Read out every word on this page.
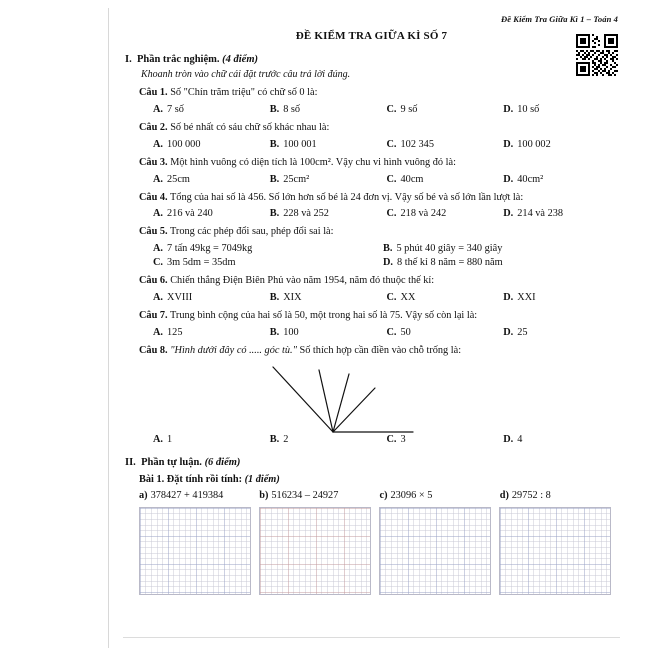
Đề Kiểm Tra Giữa Kì 1 – Toán 4
ĐỀ KIỂM TRA GIỮA KÌ SỐ 7
I. Phần trắc nghiệm. (4 điểm)
Khoanh tròn vào chữ cái đặt trước câu trả lời đúng.
Câu 1. Số "Chín trăm triệu" có chữ số 0 là:
A. 7 số	B. 8 số	C. 9 số	D. 10 số
Câu 2. Số bé nhất có sáu chữ số khác nhau là:
A. 100 000	B. 100 001	C. 102 345	D. 100 002
Câu 3. Một hình vuông có diện tích là 100cm². Vậy chu vi hình vuông đó là:
A. 25cm	B. 25cm²	C. 40cm	D. 40cm²
Câu 4. Tổng của hai số là 456. Số lớn hơn số bé là 24 đơn vị. Vậy số bé và số lớn lần lượt là:
A. 216 và 240	B. 228 và 252	C. 218 và 242	D. 214 và 238
Câu 5. Trong các phép đổi sau, phép đổi sai là:
A. 7 tấn 49kg = 7049kg	B. 5 phút 40 giây = 340 giây
C. 3m 5dm = 35dm	D. 8 thế kỉ 8 năm = 880 năm
Câu 6. Chiến thắng Điện Biên Phủ vào năm 1954, năm đó thuộc thế kỉ:
A. XVIII	B. XIX	C. XX	D. XXI
Câu 7. Trung bình cộng của hai số là 50, một trong hai số là 75. Vậy số còn lại là:
A. 125	B. 100	C. 50	D. 25
Câu 8. "Hình dưới đây có ..... góc tù." Số thích hợp cần điền vào chỗ trống là:
A. 1	B. 2	C. 3	D. 4
II. Phần tự luận. (6 điểm)
Bài 1. Đặt tính rồi tính: (1 điểm)
a) 378427 + 419384	b) 516234 – 24927	c) 23096 × 5	d) 29752 : 8
